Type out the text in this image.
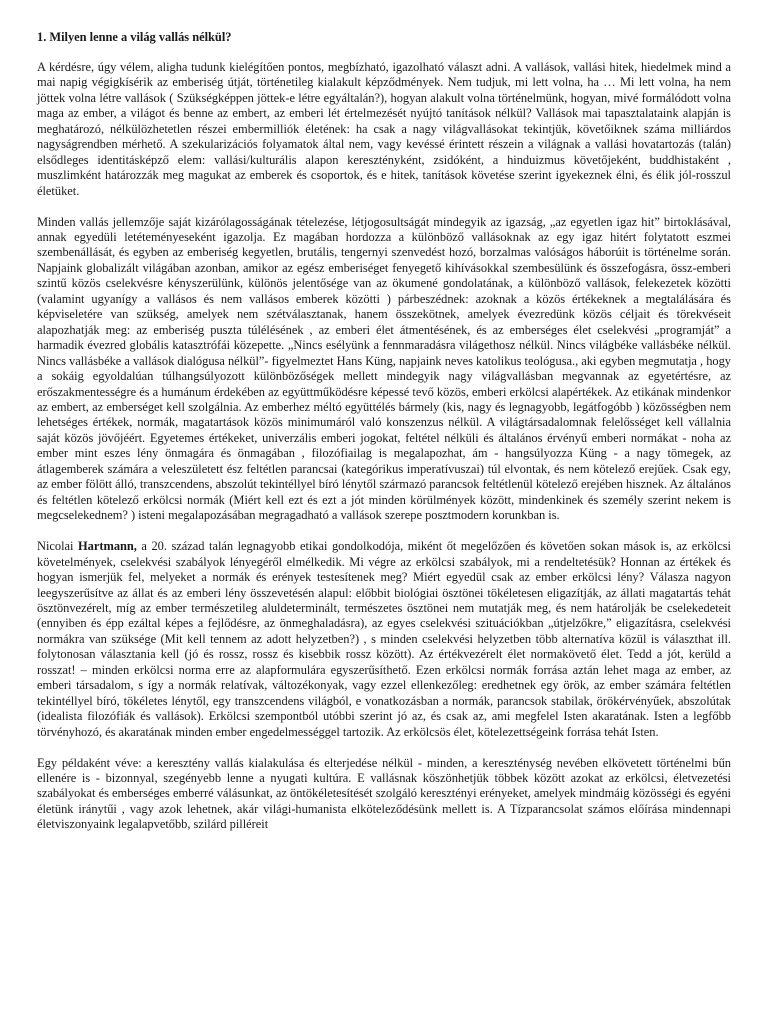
1. Milyen lenne a világ vallás nélkül?

A kérdésre, úgy vélem, aligha tudunk kielégítően pontos, megbízható, igazolható választ adni. A vallások, vallási hitek, hiedelmek mind a mai napig végigkísérik az emberiség útját, történetileg kialakult képződmények. Nem tudjuk, mi lett volna, ha … Mi lett volna, ha nem jöttek volna létre vallások ( Szükségképpen jöttek-e létre egyáltalán?), hogyan alakult volna történelmünk, hogyan, mivé formálódott volna maga az ember, a világot és benne az embert, az emberi lét értelmezését nyújtó tanítások nélkül? Vallások mai tapasztalataink alapján is meghatározó, nélkülözhetetlen részei embermilliók életének: ha csak a nagy világvallásokat tekintjük, követőiknek száma milliárdos nagyságrendben mérhető. A szekularizációs folyamatok által nem, vagy kevéssé érintett részein a világnak a vallási hovatartozás (talán) elsődleges identitásképző elem: vallási/kulturális alapon keresztényként, zsidóként, a hinduizmus követőjeként, buddhistaként , muszlimként határozzák meg magukat az emberek és csoportok, és e hitek, tanítások követése szerint igyekeznek élni, és élik jól-rosszul életüket.

Minden vallás jellemzője saját kizárólagosságának tételezése, létjogosultságát mindegyik az igazság, „az egyetlen igaz hit” birtoklásával, annak egyedüli letéteményeseként igazolja. Ez magában hordozza a különböző vallásoknak az egy igaz hitért folytatott eszmei szembenállását, és egyben az emberiség kegyetlen, brutális, tengernyi szenvedést hozó, borzalmas valóságos háborúit is történelme során. Napjaink globalizált világában azonban, amikor az egész emberiséget fenyegető kihívásokkal szembesülünk és összefogásra, össz-emberi szintű közös cselekvésre kényszerülünk, különös jelentősége van az ökumené gondolatának, a különböző vallások, felekezetek közötti (valamint ugyanígy a vallásos és nem vallásos emberek közötti ) párbeszédnek: azoknak a közös értékeknek a megtalálására és képviseletére van szükség, amelyek nem szétválasztanak, hanem összekötnek, amelyek évezredünk közös céljait és törekvéseit alapozhatják meg: az emberiség puszta túlélésének , az emberi élet átmentésének, és az emberséges élet cselekvési „programját” a harmadik évezred globális katasztrófái közepette. „Nincs esélyünk a fennmaradásra világethosz nélkül. Nincs világbéke vallásbéke nélkül. Nincs vallásbéke a vallások dialógusa nélkül”- figyelmeztet Hans Küng, napjaink neves katolikus teológusa., aki egyben megmutatja , hogy a sokáig egyoldalúan túlhangsúlyozott különbözőségek mellett mindegyik nagy világvallásban megvannak az egyetértésre, az erőszakmentességre és a humánum érdekében az együttműködésre képessé tevő közös, emberi erkölcsi alapértékek. Az etikának mindenkor az embert, az emberséget kell szolgálnia. Az emberhez méltó együttélés bármely (kis, nagy és legnagyobb, legátfogóbb ) közösségben nem lehetséges értékek, normák, magatartások közös minimumáról való konszenzus nélkül. A világtársadalomnak felelősséget kell vállalnia saját közös jövőjéért. Egyetemes értékeket, univerzális emberi jogokat, feltétel nélküli és általános érvényű emberi normákat - noha az ember mint eszes lény önmagára és önmagában , filozófiailag is megalapozhat, ám - hangsúlyozza Küng - a nagy tömegek, az átlagemberek számára a veleszületett ész feltétlen parancsai (kategórikus imperatívuszai) túl elvontak, és nem kötelező erejűek. Csak egy, az ember fölött álló, transzcendens, abszolút tekintéllyel bíró lénytől származó parancsok feltétlenül kötelező erejében hisznek. Az általános és feltétlen kötelező erkölcsi normák (Miért kell ezt és ezt a jót minden körülmények között, mindenkinek és személy szerint nekem is megcselekednem? ) isteni megalapozásában megragadható a vallások szerepe posztmodern korunkban is.

Nicolai Hartmann, a 20. század talán legnagyobb etikai gondolkodója, miként őt megelőzően és követően sokan mások is, az erkölcsi követelmények, cselekvési szabályok lényegéről elmélkedik. Mi végre az erkölcsi szabályok, mi a rendeltetésük? Honnan az értékek és hogyan ismerjük fel, melyeket a normák és erények testesítenek meg? Miért egyedül csak az ember erkölcsi lény? Válasza nagyon leegyszerűsítve az állat és az emberi lény összevetésén alapul: előbbit biológiai ösztönei tökéletesen eligazítják, az állati magatartás tehát ösztönvezérelt, míg az ember természetileg aluldeterminált, természetes ösztönei nem mutatják meg, és nem határolják be cselekedeteit (ennyiben és épp ezáltal képes a fejlődésre, az önmeghaladásra), az egyes cselekvési szituációkban „útjelzőkre,” eligazításra, cselekvési normákra van szüksége (Mit kell tennem az adott helyzetben?) , s minden cselekvési helyzetben több alternatíva közül is választhat ill. folytonosan választania kell (jó és rossz, rossz és kisebbik rossz között). Az értékvezérelt élet normakövető élet. Tedd a jót, kerüld a rosszat! – minden erkölcsi norma erre az alapformulára egyszerűsíthető. Ezen erkölcsi normák forrása aztán lehet maga az ember, az emberi társadalom, s így a normák relatívak, változékonyak, vagy ezzel ellenkezőleg: eredhetnek egy örök, az ember számára feltétlen tekintéllyel bíró, tökéletes lénytől, egy transzcendens világból, e vonatkozásban a normák, parancsok stabilak, örökérvényűek, abszolútak (idealista filozófiák és vallások). Erkölcsi szempontból utóbbi szerint jó az, és csak az, ami megfelel Isten akaratának. Isten a legfőbb törvényhozó, és akaratának minden ember engedelmességgel tartozik. Az erkölcsös élet, kötelezettségeink forrása tehát Isten.

Egy példaként véve: a keresztény vallás kialakulása és elterjedése nélkül - minden, a kereszténység nevében elkövetett történelmi bűn ellenére is - bizonnyal, szegényebb lenne a nyugati kultúra. E vallásnak köszönhetjük többek között azokat az erkölcsi, életvezetési szabályokat és emberséges emberré válásunkat, az öntökéletesítését szolgáló keresztényi erényeket, amelyek mindmáig közösségi és egyéni életünk iránytűi , vagy azok lehetnek, akár világi-humanista elköteleződésünk mellett is. A Tízparancsolat számos előírása mindennapi életviszonyaink legalapvetőbb, szilárd pilléreit
